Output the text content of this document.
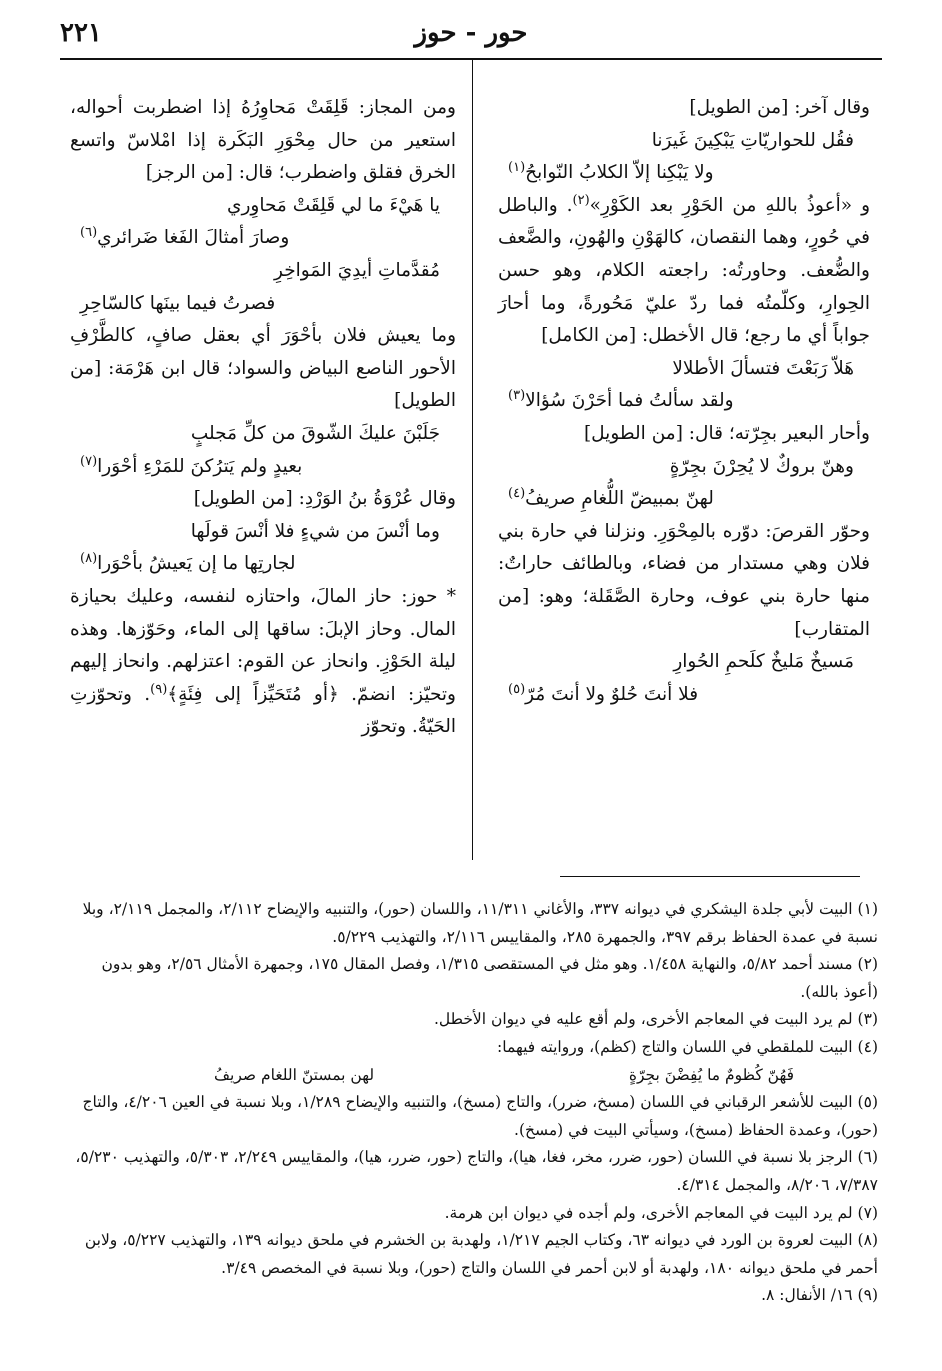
٢٢١	حور - حوز

وقال آخر: [من الطويل]

فقُل للحواريّاتِ يَبْكِينَ غَيرَنا

ولا يَبْكِنا إلاّ الكلابُ النّوابحُ$^{(١)}$

و «أعوذُ باللهِ من الحَوْرِ بعد الكَوْرِ»$^{(٢)}$. والباطل في حُورٍ، وهما النقصان، كالهَوْنِ والهُونِ، والضَّعف والضُّعف. وحاورتُه: راجعته الكلام، وهو حسن الحِوارِ، وكلّمتُه فما ردّ عليّ مَحُورةً، وما أحارَ جواباً أي ما رجع؛ قال الأخطل: [من الكامل]

هَلاّ رَبَعْتَ فتسألَ الأطلالا

ولقد سألتُ فما أحَرْنَ سُؤالا$^{(٣)}$

وأحار البعير بجِرّته؛ قال: [من الطويل]

وهنّ بروكٌ لا يُحِرْنَ بجِرّةٍ

لهنّ بمبيضّ اللُّغامِ صريفُ$^{(٤)}$

وحوّر القرصَ: دوّره بالمِحْوَرِ. ونزلنا في حارة بني فلان وهي مستدار من فضاء، وبالطائف حاراتٌ: منها حارة بني عوف، وحارة الصَّقَلة؛ وهو: [من المتقارب]

مَسيخٌ مَليخٌ كلَحمِ الحُوارِ

فلا أنتَ حُلوٌ ولا أنتَ مُرّ$^{(٥)}$

ومن المجاز: قَلِقَتْ مَحاوِرُهُ إذا اضطربت أحواله، استعير من حال مِحْوَرِ البَكَرة إذا امْلاسّ واتسع الخرق فقلق واضطرب؛ قال: [من الرجز]

يا هَيْءَ ما لي قَلِقَتْ مَحاوِري

وصارَ أمثالَ الفَغا ضَرائري$^{(٦)}$

مُقدَّماتِ أيدِيَ المَواخِرِ

فصرتُ فيما بينَها كالسّاحِرِ

وما يعيش فلان بأحْوَرَ أي بعقل صافٍ، كالطَّرْفِ الأحور الناصع البياض والسواد؛ قال ابن هَرْمَة: [من الطويل]

جَلَبْنَ عليكَ الشّوقَ من كلِّ مَجلبٍ

بعيدٍ ولم يَترُكنَ للمَرْءِ أحْوَرا$^{(٧)}$

وقال عُرْوَةُ بنُ الوَرْدِ: [من الطويل]

وما أنْسَ من شيءٍ فلا أنْسَ قولَها

لجارتِها ما إن يَعيشُ بأحْوَرا$^{(٨)}$

* حوز: حاز المالَ، واحتازه لنفسه، وعليك بحيازة المال. وحاز الإبلَ: ساقها إلى الماء، وحَوّزها. وهذه ليلة الحَوْزِ. وانحاز عن القوم: اعتزلهم. وانحاز إليهم وتحيّز: انضمّ. ﴿أو مُتَحَيِّزاً إلى فِئَةٍ﴾$^{(٩)}$. وتحوّزتِ الحَيّةُ. وتحوّز

(١) البيت لأبي جلدة اليشكري في ديوانه ٣٣٧، والأغاني ١١/٣١١، واللسان (حور)، والتنبيه والإيضاح ٢/١١٢، والمجمل ٢/١١٩، وبلا نسبة في عمدة الحفاظ برقم ٣٩٧، والجمهرة ٢٨٥، والمقاييس ٢/١١٦، والتهذيب ٥/٢٢٩.

(٢) مسند أحمد ٥/٨٢، والنهاية ١/٤٥٨. وهو مثل في المستقصى ١/٣١٥، وفصل المقال ١٧٥، وجمهرة الأمثال ٢/٥٦، وهو بدون (أعوذ بالله).

(٣) لم يرد البيت في المعاجم الأخرى، ولم أقع عليه في ديوان الأخطل.

(٤) البيت للملقطي في اللسان والتاج (كظم)، وروايته فيهما:

فَهُنّ كُظومٌ ما يُفِضْنَ بجِرّةٍ
لهن بمستنّ اللغام صريفُ

(٥) البيت للأشعر الرقباني في اللسان (مسخ، ضرر)، والتاج (مسخ)، والتنبيه والإيضاح ١/٢٨٩، وبلا نسبة في العين ٤/٢٠٦، والتاج (حور)، وعمدة الحفاظ (مسخ)، وسيأتي البيت في (مسخ).

(٦) الرجز بلا نسبة في اللسان (حور، ضرر، مخر، فغا، هيا)، والتاج (حور، ضرر، هيا)، والمقاييس ٢/٢٤٩، ٥/٣٠٣، والتهذيب ٥/٢٣٠، ٧/٣٨٧، ٨/٢٠٦، والمجمل ٤/٣١٤.

(٧) لم يرد البيت في المعاجم الأخرى، ولم أجده في ديوان ابن هرمة.

(٨) البيت لعروة بن الورد في ديوانه ٦٣، وكتاب الجيم ١/٢١٧، ولهدبة بن الخشرم في ملحق ديوانه ١٣٩، والتهذيب ٥/٢٢٧، ولابن أحمر في ملحق ديوانه ١٨٠، ولهدبة أو لابن أحمر في اللسان والتاج (حور)، وبلا نسبة في المخصص ٣/٤٩.

(٩) ١٦/ الأنفال: ٨.
